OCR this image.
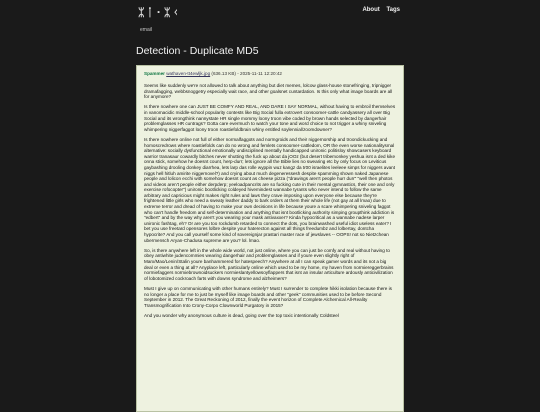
ᛯᛙ·ᛯᚲ
email
About Tags
Detection - Duplicate MD5
Spammer wathaven-tt4ewljk.jpg (636.13 KB) - 2025-11-11 12:20:42

Seems like suddenly we're not allowed to talk about anything but diet memes, lolcow glass-house stonefringing, tripnigger dramafagging, webbsnoggetry especially wait race, and other goalsnet cuntardation. Is this only what image boards are all for anymore?

Is there nowhere one can JUST BE COMFY AND REAL, AND DARE I SAY NORMAL, without having to embroil themselves in vanomacidic middle-school popularity contests like Big Social fulla extrovert consoomer-cattle candyassery all over Big Social and its wrongthink nannystate HR single mommy loony troon vibe coded by brown hands selected by dangerhair problemglasses HR cuntrags? Gotta care evermuch to watch your tone and word choice to not trigger a whiny sniveling whimpering niggerfaggot loony troon roastiefoldbrain whiny entitled soylennial/zoomdowner?

Is there nowhere online not full of either normalfaggots and normgroids and their niggernorship and troondickucking and homoscredrows where roastiefolds can do no wrong and femlets consoomer-cattledom, OR the even worse nationalitysmal alternative: socially dysfunctional emotionally undisciplined mentally handicapped unironic politisloy showcasers keyboard warrior tranasaur cowardly bitches never shutting the fuck up about da jOOz (but desert tribemonkey yeshua isnt a ded kike onna stick, somehow he doesnt count, herp-durr; lets ignore all the Bible lies no swearing etc by only focus on Leviticus gaybashing drooling donkey diarrhea, lets larp das rolle wyppin wuz kangz da tr00 israelites leeleee simps for niggers avant niggs hell hitluh amirite niggernovel?) and crying about much degeneressesh despite spamming shown naked Japanese people and lolicon ecchi with somehow doesnt count as cheese pizza ("drawings aren't people hurr durr" "well then photos and videos aren't people either derpderp; yeeloadpancrits are so fucking cute in their mental gymnastics, their one and only exercise rofocopter") unironic bootlicking coldeyed hivemindest wannabe tyrants who never intend to follow the same arbitrary and capricious might makes right rules and laws they crave imposing upon everyone else because they're frightened little girls who need a sweaty leather daddy to bark orders at them their whole life (not gay at all lmao) due to extreme terror and dread of having to make your own decisions in life because youre a scare whimpering sniveling faggot who can't handle freedom and self-determination and anything that isnt bootlicking authority simping groupthink addiction is "edbert" and by the way why aren't you wearing your mask antivaxxer? Kinda hypocritical as a wannabe nadese larper unironic fashtag, eh? Or are you too rockdumb retarded to connect the dots, you brainwashed useful idiot useless eater? I bet you use freetard opensores lolbre despite your haterecton against all things freedumbz and lolbertay, dontcha hypocrite? And you call yourself some kind of sovereignjar prastari master race of jewslaves -- OOPS! not so Nietzchean ubermensch Aryan-Chadusa supreme are you? lol. lmao.

So, is there anywhere left in the whole wide world, not just online, where you can just be comfy and real without having to obey antiwhite judencommies wearing dangerhair and problemglasses and if youre even slightly right of Marx/Mao/Lenin/Stalin youre banhammered for hatespeech? Anywhere at all I can speak gamer words and its not a big deal or even a thing at all? Anyplace left, particularly online which used to be my home, my haven from normiereggerbrains normiefaggers normiebrownoidsuckers normieslantyellowsoyflappers that isnt an insular articulture ardously anticivilization of lobotomized cockroach farts with downs syndrome and alzheimers?

Must I give up on communicating with other humans entirely? Must I surrender to complete hikki isolation because there is no longer a place for me to just be myself like image boards and other "geek" communities used to be before Second September in 2012. The Great Reckoning of 2012, finally the event horizon of Complete Alchemical All-Reality Transmogrification Into Crony-Corpo Clownworld Purgatory in 2015?

And you wonder why anonymous culture is dead, going over the top toxic intentionally Coldsteel
